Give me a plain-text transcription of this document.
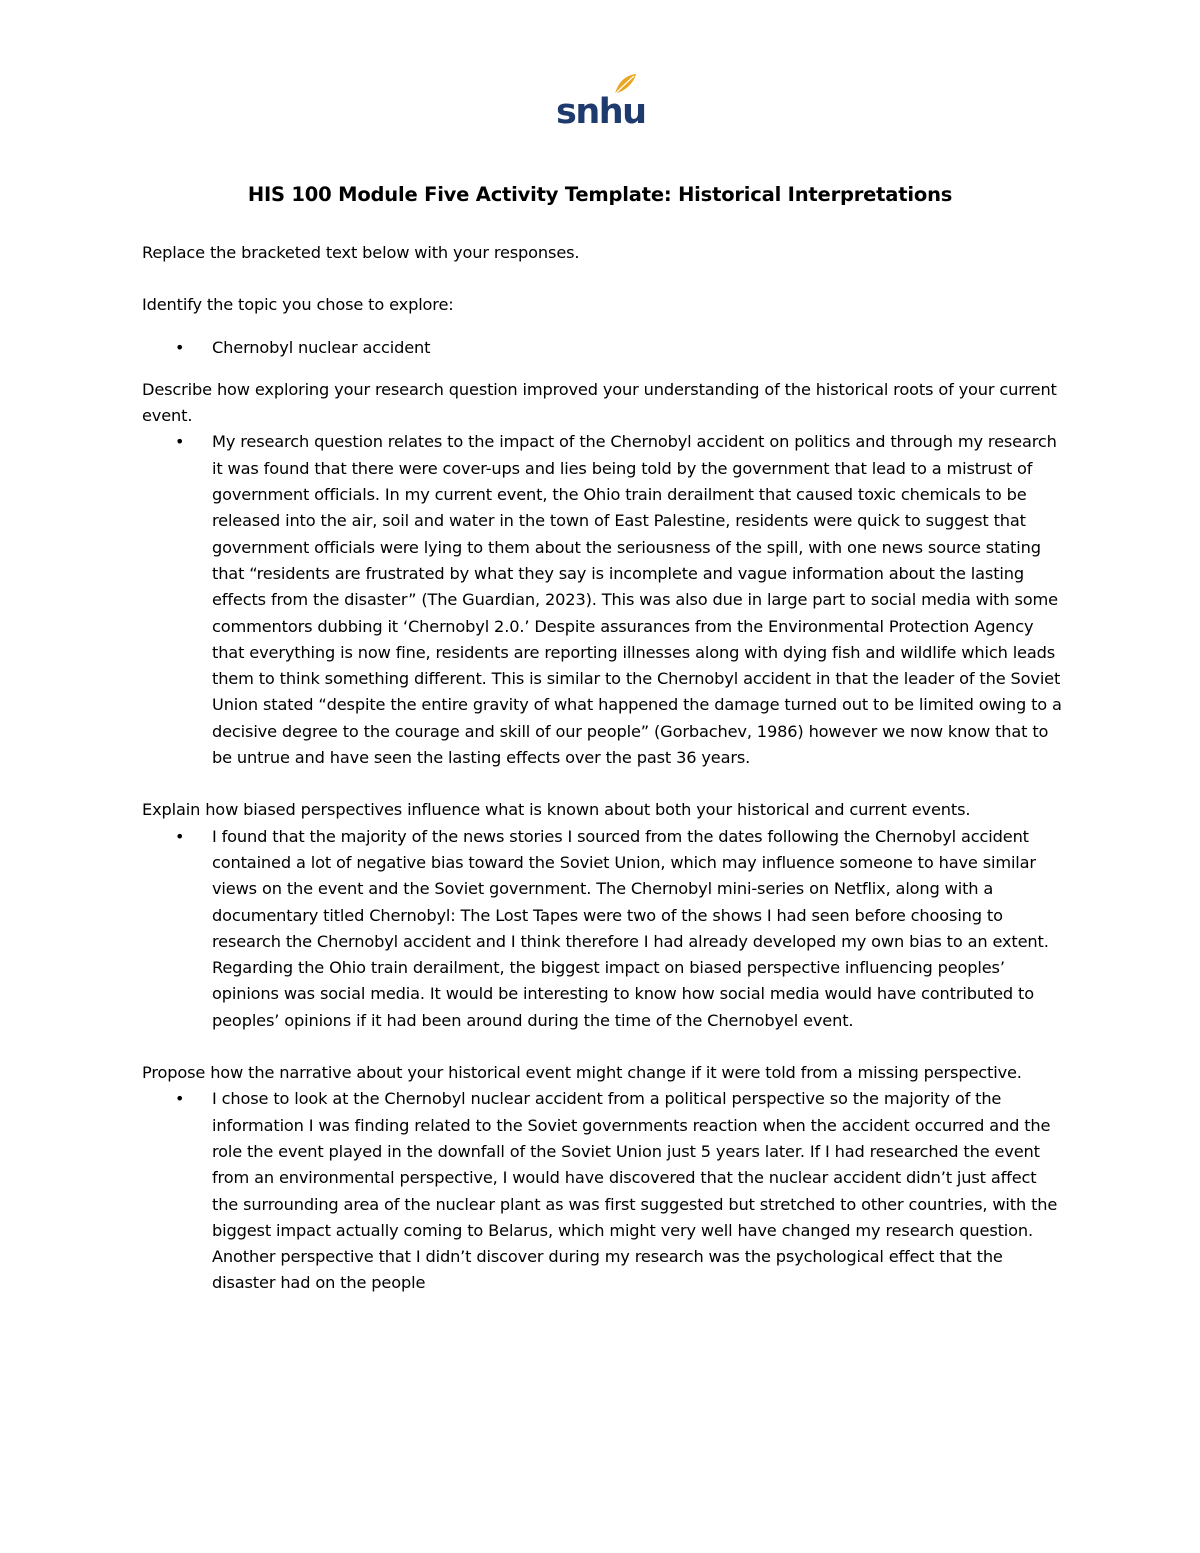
snhu
HIS 100 Module Five Activity Template: Historical Interpretations

Replace the bracketed text below with your responses.

Identify the topic you chose to explore:

• Chernobyl nuclear accident

Describe how exploring your research question improved your understanding of the historical roots of your current event.

• My research question relates to the impact of the Chernobyl accident on politics and through my research it was found that there were cover-ups and lies being told by the government that lead to a mistrust of government officials. In my current event, the Ohio train derailment that caused toxic chemicals to be released into the air, soil and water in the town of East Palestine, residents were quick to suggest that government officials were lying to them about the seriousness of the spill, with one news source stating that “residents are frustrated by what they say is incomplete and vague information about the lasting effects from the disaster” (The Guardian, 2023). This was also due in large part to social media with some commentors dubbing it ‘Chernobyl 2.0.’ Despite assurances from the Environmental Protection Agency that everything is now fine, residents are reporting illnesses along with dying fish and wildlife which leads them to think something different. This is similar to the Chernobyl accident in that the leader of the Soviet Union stated “despite the entire gravity of what happened the damage turned out to be limited owing to a decisive degree to the courage and skill of our people” (Gorbachev, 1986) however we now know that to be untrue and have seen the lasting effects over the past 36 years.

Explain how biased perspectives influence what is known about both your historical and current events.

• I found that the majority of the news stories I sourced from the dates following the Chernobyl accident contained a lot of negative bias toward the Soviet Union, which may influence someone to have similar views on the event and the Soviet government. The Chernobyl mini-series on Netflix, along with a documentary titled Chernobyl: The Lost Tapes were two of the shows I had seen before choosing to research the Chernobyl accident and I think therefore I had already developed my own bias to an extent. Regarding the Ohio train derailment, the biggest impact on biased perspective influencing peoples’ opinions was social media. It would be interesting to know how social media would have contributed to peoples’ opinions if it had been around during the time of the Chernobyel event.

Propose how the narrative about your historical event might change if it were told from a missing perspective.

• I chose to look at the Chernobyl nuclear accident from a political perspective so the majority of the information I was finding related to the Soviet governments reaction when the accident occurred and the role the event played in the downfall of the Soviet Union just 5 years later. If I had researched the event from an environmental perspective, I would have discovered that the nuclear accident didn’t just affect the surrounding area of the nuclear plant as was first suggested but stretched to other countries, with the biggest impact actually coming to Belarus, which might very well have changed my research question. Another perspective that I didn’t discover during my research was the psychological effect that the disaster had on the people
